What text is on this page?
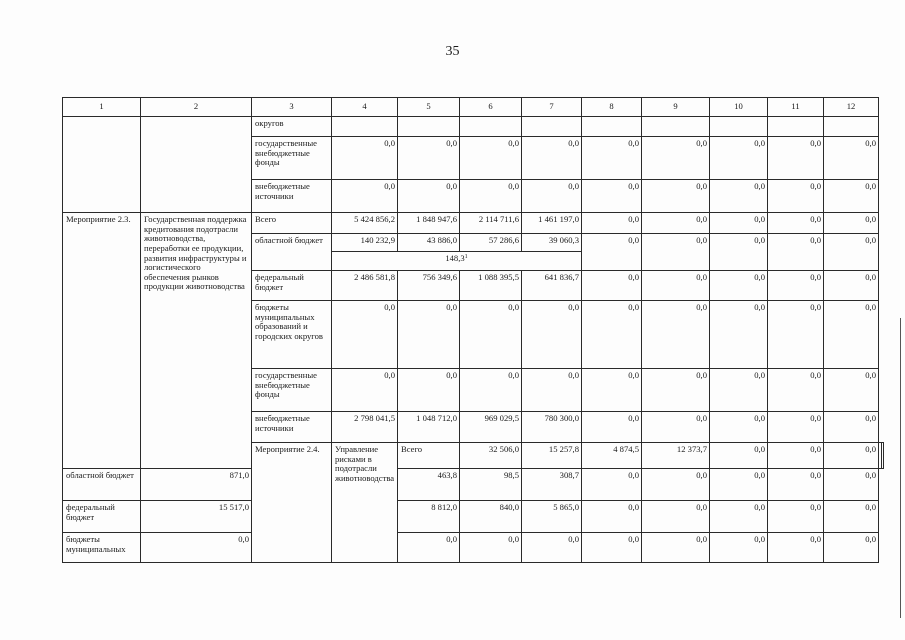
35
1	2	3	4	5	6	7	8	9	10	11	12		
		округов											
		государственные внебюджетные фонды	0,0	0,0	0,0	0,0	0,0	0,0	0,0	0,0	0,0		
		внебюджетные источники	0,0	0,0	0,0	0,0	0,0	0,0	0,0	0,0	0,0		
Мероприятие 2.3.	Государственная поддержка кредитования подотрасли животноводства, переработки ее продукции, развития инфраструктуры и логистического обеспечения рынков продукции животноводства	Всего	5 424 856,2	1 848 947,6	2 114 711,6	1 461 197,0	0,0	0,0	0,0	0,0	0,0		
		областной бюджет	140 232,9	43 886,0	57 286,6	39 060,3	0,0	0,0	0,0	0,0	0,0		
			148,3$^1$
		федеральный бюджет	2 486 581,8	756 349,6	1 088 395,5	641 836,7	0,0	0,0	0,0	0,0	0,0		
		бюджеты муниципальных образований и городских округов	0,0	0,0	0,0	0,0	0,0	0,0	0,0	0,0	0,0		
		государственные внебюджетные фонды	0,0	0,0	0,0	0,0	0,0	0,0	0,0	0,0	0,0		
		внебюджетные источники	2 798 041,5	1 048 712,0	969 029,5	780 300,0	0,0	0,0	0,0	0,0	0,0		
		Мероприятие 2.4.	Управление рисками в подотрасли животноводства	Всего	32 506,0	15 257,8	4 874,5	12 373,7	0,0	0,0	0,0		
областной бюджет	871,0			463,8	98,5	308,7	0,0	0,0	0,0	0,0	0,0		
федеральный бюджет	15 517,0			8 812,0	840,0	5 865,0	0,0	0,0	0,0	0,0	0,0		
бюджеты муниципальных	0,0			0,0	0,0	0,0	0,0	0,0	0,0	0,0	0,0		
